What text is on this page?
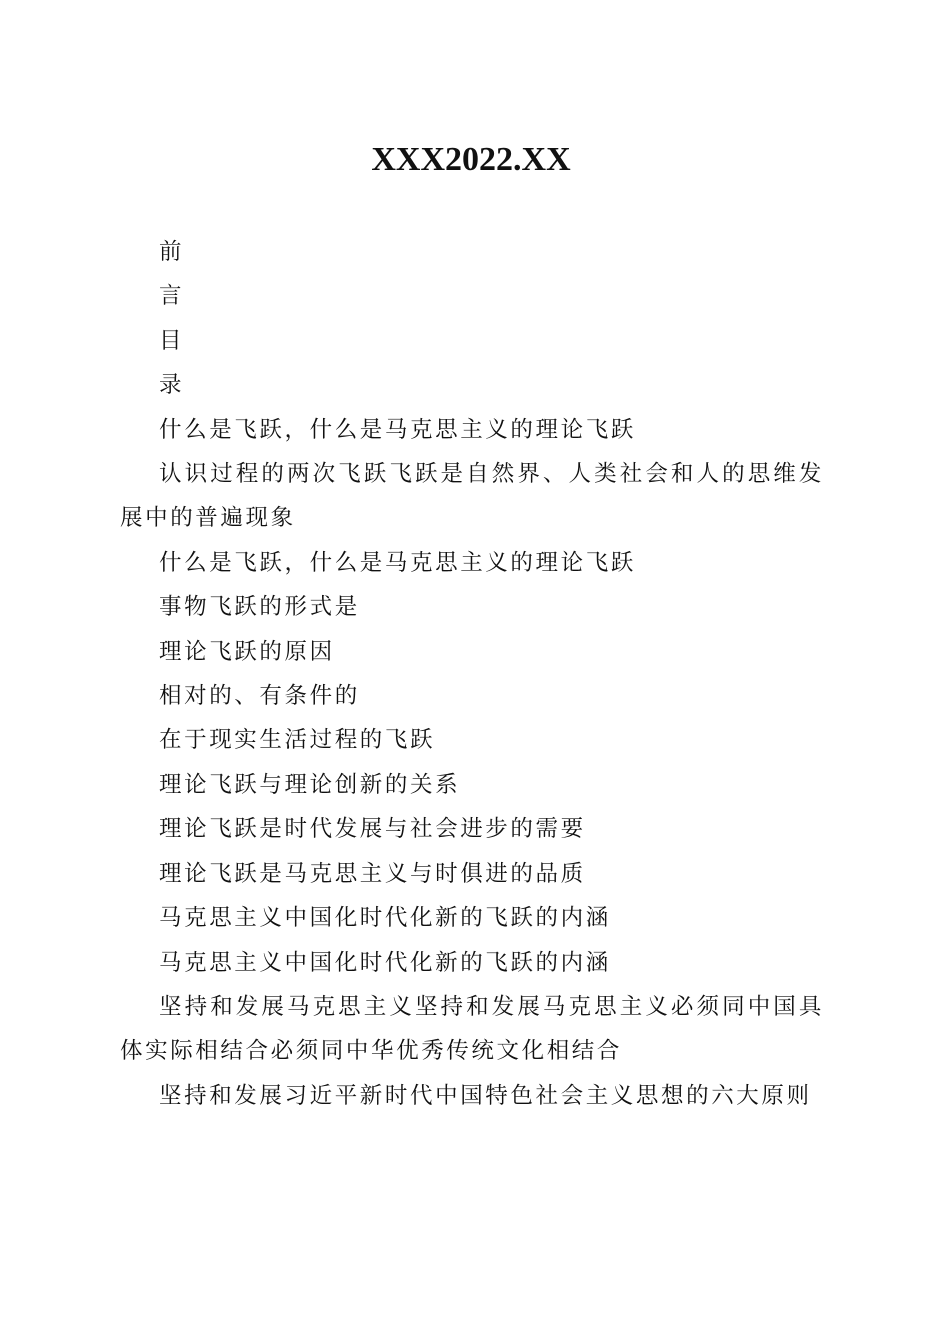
XXX2022.XX

前

言

目

录

什么是飞跃，什么是马克思主义的理论飞跃

认识过程的两次飞跃飞跃是自然界、人类社会和人的思维发展中的普遍现象

什么是飞跃，什么是马克思主义的理论飞跃

事物飞跃的形式是

理论飞跃的原因

相对的、有条件的

在于现实生活过程的飞跃

理论飞跃与理论创新的关系

理论飞跃是时代发展与社会进步的需要

理论飞跃是马克思主义与时俱进的品质

马克思主义中国化时代化新的飞跃的内涵

马克思主义中国化时代化新的飞跃的内涵

坚持和发展马克思主义坚持和发展马克思主义必须同中国具体实际相结合必须同中华优秀传统文化相结合

坚持和发展习近平新时代中国特色社会主义思想的六大原则
